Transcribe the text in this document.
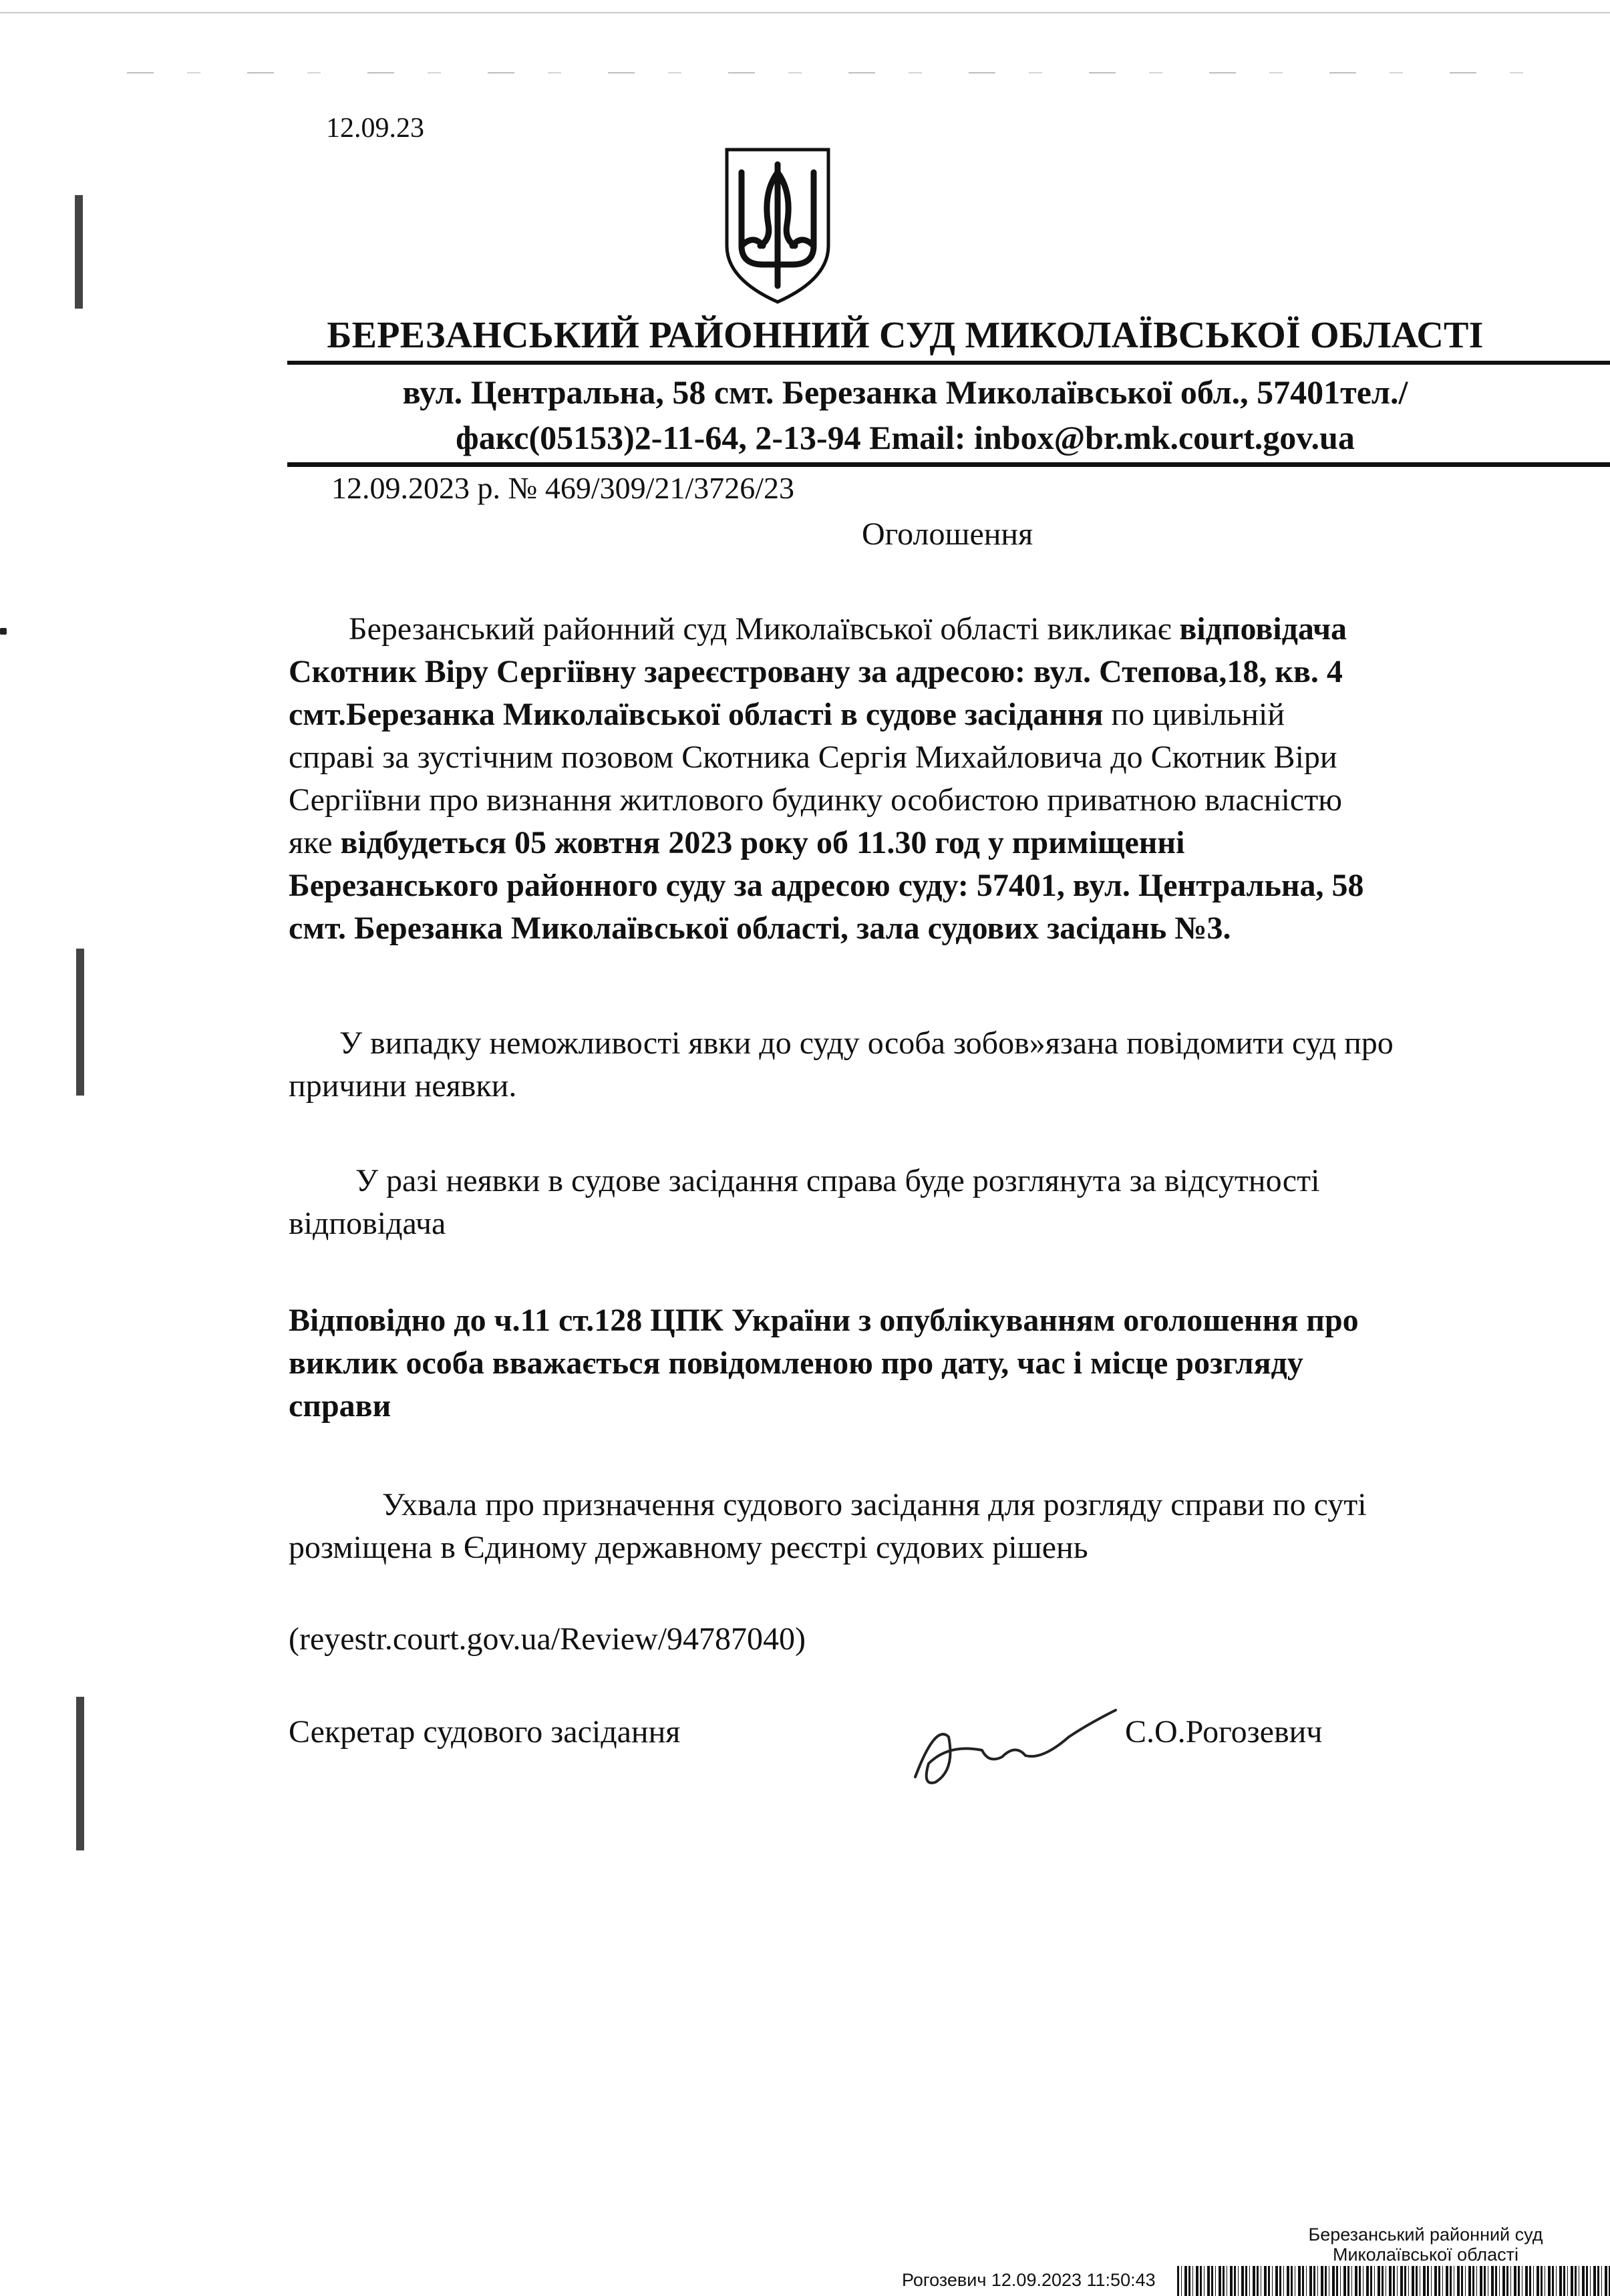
12.09.23
БЕРЕЗАНСЬКИЙ РАЙОННИЙ СУД МИКОЛАЇВСЬКОЇ ОБЛАСТІ
вул. Центральна, 58 смт. Березанка Миколаївської обл., 57401тел./
факс(05153)2-11-64, 2-13-94 Email: inbox@br.mk.court.gov.ua
12.09.2023 р. № 469/309/21/3726/23
Оголошення
Березанський районний суд Миколаївської області викликає відповідача
Скотник Віру Сергіївну зареєстровану за адресою: вул. Степова,18, кв. 4
смт.Березанка Миколаївської області в судове засідання по цивільній
справі за зустічним позовом Скотника Сергія Михайловича до Скотник Віри
Сергіївни про визнання житлового будинку особистою приватною власністю
яке відбудеться 05 жовтня 2023 року об 11.30 год у приміщенні
Березанського районного суду за адресою суду: 57401, вул. Центральна, 58
смт. Березанка Миколаївської області, зала судових засідань №3.
У випадку неможливості явки до суду особа зобов»язана повідомити суд про
причини неявки.
У разі неявки в судове засідання справа буде розглянута за відсутності
відповідача
Відповідно до ч.11 ст.128 ЦПК України з опублікуванням оголошення про
виклик особа вважається повідомленою про дату, час і місце розгляду
справи
Ухвала про призначення судового засідання для розгляду справи по суті
розміщена в Єдиному державному реєстрі судових рішень
(reyestr.court.gov.ua/Review/94787040)
Секретар судового засідання	С.О.Рогозевич
Березанський районний суд
Миколаївської області
Рогозевич 12.09.2023 11:50:43
